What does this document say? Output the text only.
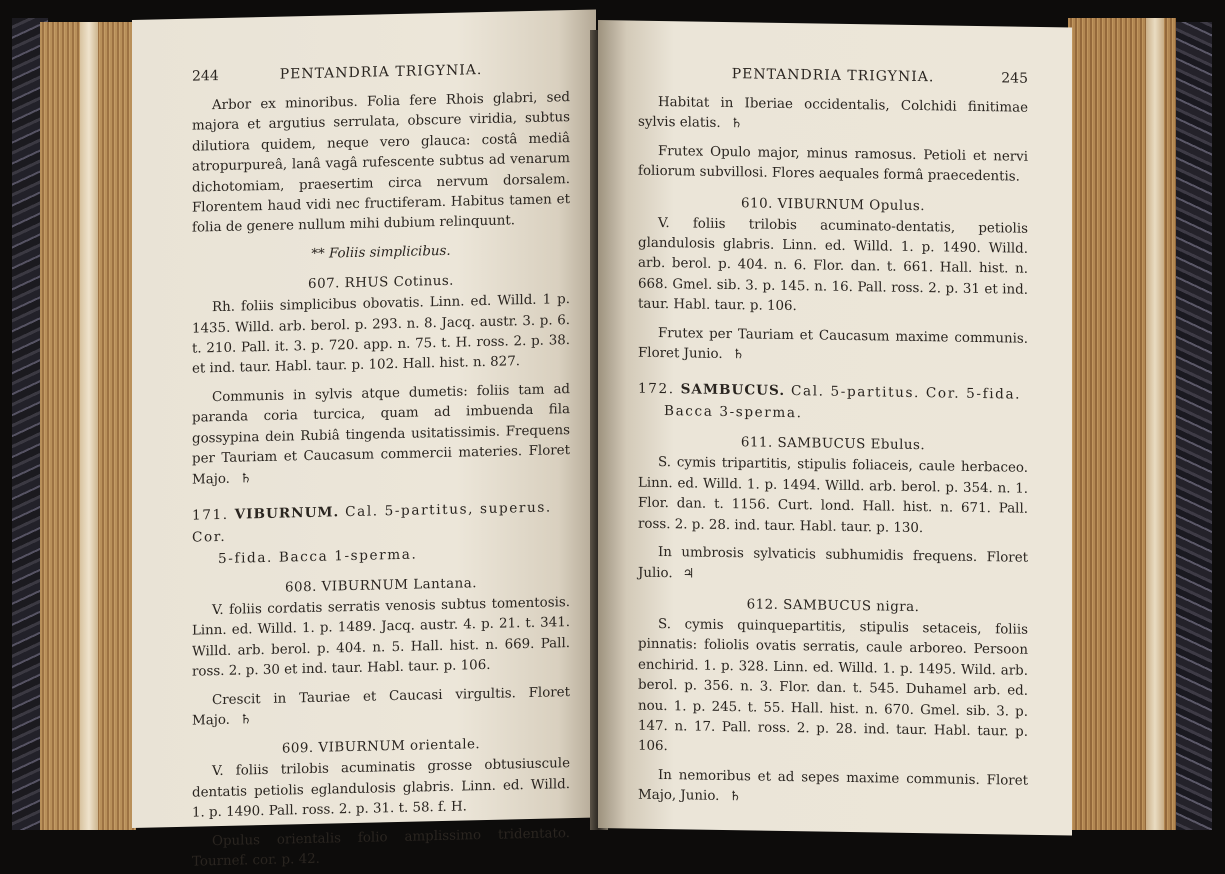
244	PENTANDRIA TRIGYNIA.

Arbor ex minoribus. Folia fere Rhois glabri, sed majora et argutius serrulata, obscure viridia, subtus dilutiora quidem, neque vero glauca: costâ mediâ atropurpureâ, lanâ vagâ rufescente subtus ad venarum dichotomiam, praesertim circa nervum dorsalem. Florentem haud vidi nec fructiferam. Habitus tamen et folia de genere nullum mihi dubium relinquunt.

** Foliis simplicibus.

607. RHUS Cotinus.

Rh. foliis simplicibus obovatis. Linn. ed. Willd. 1 p. 1435. Willd. arb. berol. p. 293. n. 8. Jacq. austr. 3. p. 6. t. 210. Pall. it. 3. p. 720. app. n. 75. t. H. ross. 2. p. 38. et ind. taur. Habl. taur. p. 102. Hall. hist. n. 827.

Communis in sylvis atque dumetis: foliis tam ad paranda coria turcica, quam ad imbuenda fila gossypina dein Rubiâ tingenda usitatissimis. Frequens per Tauriam et Caucasum commercii materies. Floret Majo. ♄

171. VIBURNUM. Cal. 5-partitus, superus. Cor.
5-fida. Bacca 1-sperma.
608. VIBURNUM Lantana.

V. foliis cordatis serratis venosis subtus tomentosis. Linn. ed. Willd. 1. p. 1489. Jacq. austr. 4. p. 21. t. 341. Willd. arb. berol. p. 404. n. 5. Hall. hist. n. 669. Pall. ross. 2. p. 30 et ind. taur. Habl. taur. p. 106.

Crescit in Tauriae et Caucasi virgultis. Floret Majo. ♄

609. VIBURNUM orientale.

V. foliis trilobis acuminatis grosse obtusiuscule dentatis petiolis eglandulosis glabris. Linn. ed. Willd. 1. p. 1490. Pall. ross. 2. p. 31. t. 58. f. H.

Opulus orientalis folio amplissimo tridentato. Tournef. cor. p. 42.

PENTANDRIA TRIGYNIA.	245

Habitat in Iberiae occidentalis, Colchidi finitimae sylvis elatis. ♄

Frutex Opulo major, minus ramosus. Petioli et nervi foliorum subvillosi. Flores aequales formâ praecedentis.

610. VIBURNUM Opulus.

V. foliis trilobis acuminato-dentatis, petiolis glandulosis glabris. Linn. ed. Willd. 1. p. 1490. Willd. arb. berol. p. 404. n. 6. Flor. dan. t. 661. Hall. hist. n. 668. Gmel. sib. 3. p. 145. n. 16. Pall. ross. 2. p. 31 et ind. taur. Habl. taur. p. 106.

Frutex per Tauriam et Caucasum maxime communis. Floret Junio. ♄

172. SAMBUCUS. Cal. 5-partitus. Cor. 5-fida.
Bacca 3-sperma.
611. SAMBUCUS Ebulus.

S. cymis tripartitis, stipulis foliaceis, caule herbaceo. Linn. ed. Willd. 1. p. 1494. Willd. arb. berol. p. 354. n. 1. Flor. dan. t. 1156. Curt. lond. Hall. hist. n. 671. Pall. ross. 2. p. 28. ind. taur. Habl. taur. p. 130.

In umbrosis sylvaticis subhumidis frequens. Floret Julio. ♃

612. SAMBUCUS nigra.

S. cymis quinquepartitis, stipulis setaceis, foliis pinnatis: foliolis ovatis serratis, caule arboreo. Persoon enchirid. 1. p. 328. Linn. ed. Willd. 1. p. 1495. Wild. arb. berol. p. 356. n. 3. Flor. dan. t. 545. Duhamel arb. ed. nou. 1. p. 245. t. 55. Hall. hist. n. 670. Gmel. sib. 3. p. 147. n. 17. Pall. ross. 2. p. 28. ind. taur. Habl. taur. p. 106.

In nemoribus et ad sepes maxime communis. Floret Majo, Junio. ♄
